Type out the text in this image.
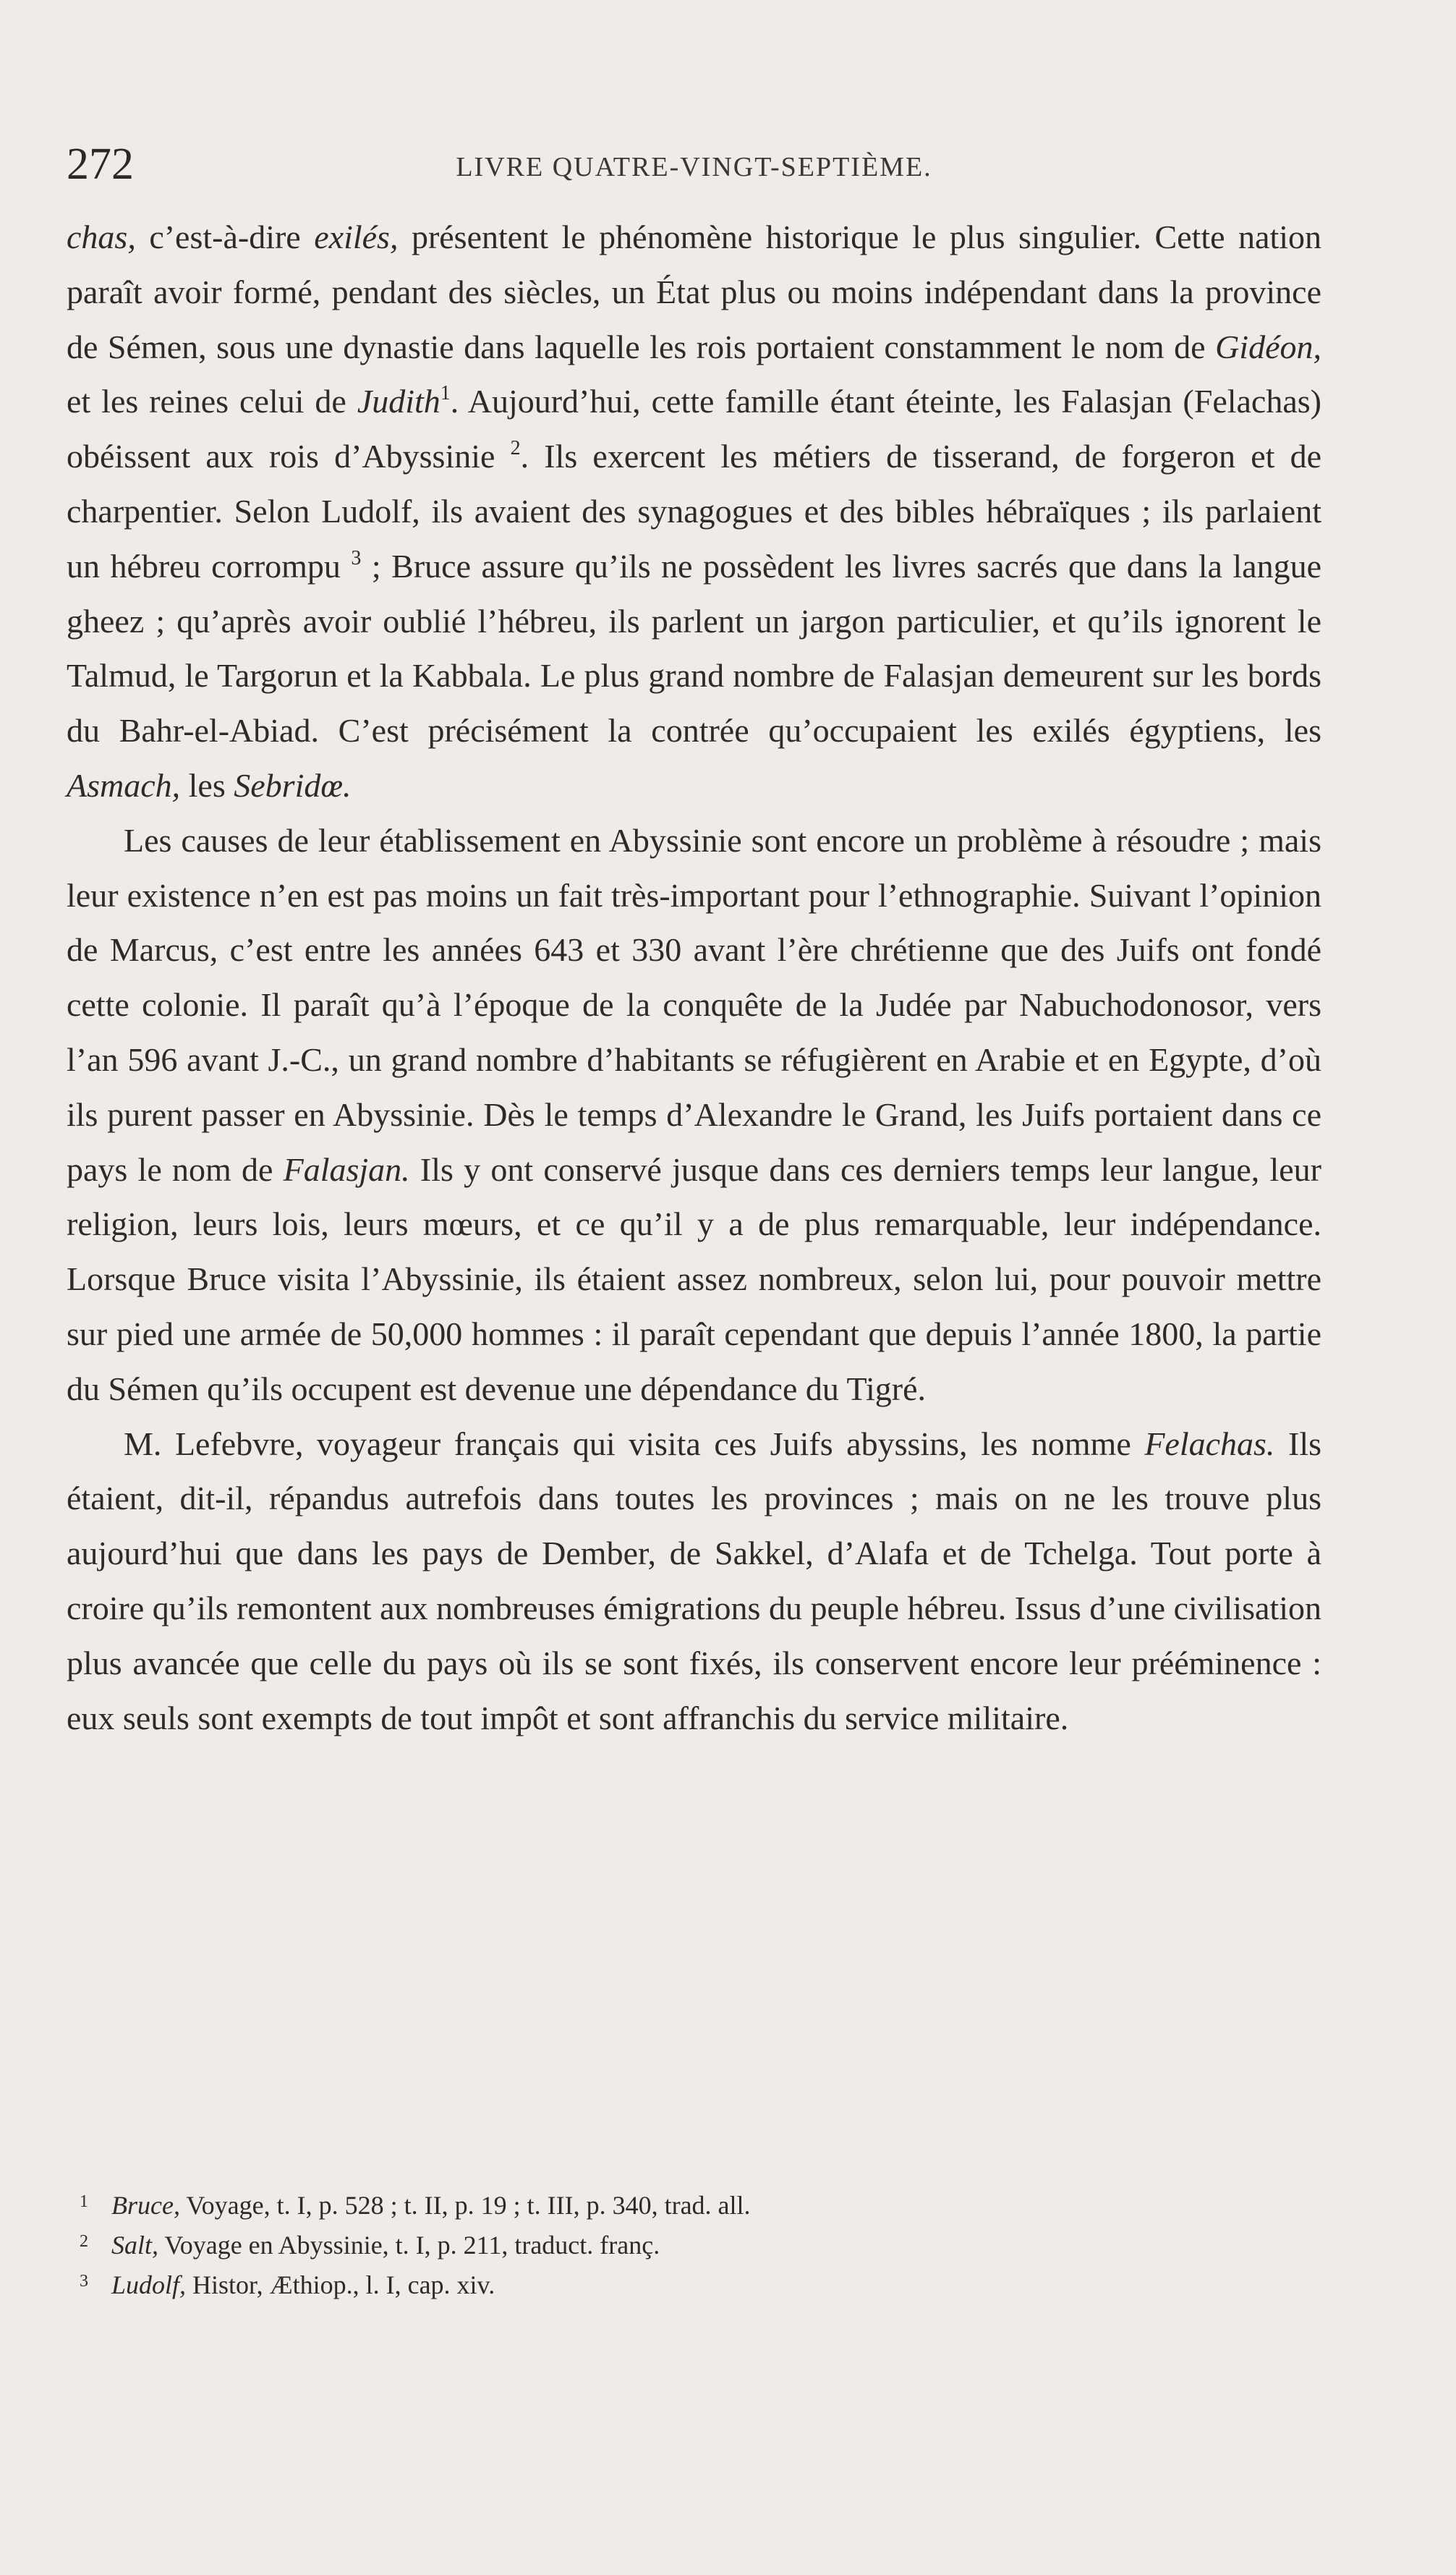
272	LIVRE QUATRE-VINGT-SEPTIÈME.

chas, c’est-à-dire exilés, présentent le phénomène historique le plus singulier. Cette nation paraît avoir formé, pendant des siècles, un État plus ou moins indépendant dans la province de Sémen, sous une dynastie dans laquelle les rois portaient constamment le nom de Gidéon, et les reines celui de Judith$^1$. Aujourd’hui, cette famille étant éteinte, les Falasjan (Felachas) obéissent aux rois d’Abyssinie $^2$. Ils exercent les métiers de tisserand, de forgeron et de charpentier. Selon Ludolf, ils avaient des synagogues et des bibles hébraïques ; ils parlaient un hébreu corrompu $^3$ ; Bruce assure qu’ils ne possèdent les livres sacrés que dans la langue gheez ; qu’après avoir oublié l’hébreu, ils parlent un jargon particulier, et qu’ils ignorent le Talmud, le Targorun et la Kabbala. Le plus grand nombre de Falasjan demeurent sur les bords du Bahr-el-Abiad. C’est précisément la contrée qu’occupaient les exilés égyptiens, les Asmach, les Sebridœ.

Les causes de leur établissement en Abyssinie sont encore un problème à résoudre ; mais leur existence n’en est pas moins un fait très-important pour l’ethnographie. Suivant l’opinion de Marcus, c’est entre les années 643 et 330 avant l’ère chrétienne que des Juifs ont fondé cette colonie. Il paraît qu’à l’époque de la conquête de la Judée par Nabuchodonosor, vers l’an 596 avant J.-C., un grand nombre d’habitants se réfugièrent en Arabie et en Egypte, d’où ils purent passer en Abyssinie. Dès le temps d’Alexandre le Grand, les Juifs portaient dans ce pays le nom de Falasjan. Ils y ont conservé jusque dans ces derniers temps leur langue, leur religion, leurs lois, leurs mœurs, et ce qu’il y a de plus remarquable, leur indépendance. Lorsque Bruce visita l’Abyssinie, ils étaient assez nombreux, selon lui, pour pouvoir mettre sur pied une armée de 50,000 hommes : il paraît cependant que depuis l’année 1800, la partie du Sémen qu’ils occupent est devenue une dépendance du Tigré.

M. Lefebvre, voyageur français qui visita ces Juifs abyssins, les nomme Felachas. Ils étaient, dit-il, répandus autrefois dans toutes les provinces ; mais on ne les trouve plus aujourd’hui que dans les pays de Dember, de Sakkel, d’Alafa et de Tchelga. Tout porte à croire qu’ils remontent aux nombreuses émigrations du peuple hébreu. Issus d’une civilisation plus avancée que celle du pays où ils se sont fixés, ils conservent encore leur prééminence : eux seuls sont exempts de tout impôt et sont affranchis du service militaire.

1 Bruce, Voyage, t. I, p. 528 ; t. II, p. 19 ; t. III, p. 340, trad. all.
2 Salt, Voyage en Abyssinie, t. I, p. 211, traduct. franç.
3 Ludolf, Histor, Æthiop., l. I, cap. xiv.
